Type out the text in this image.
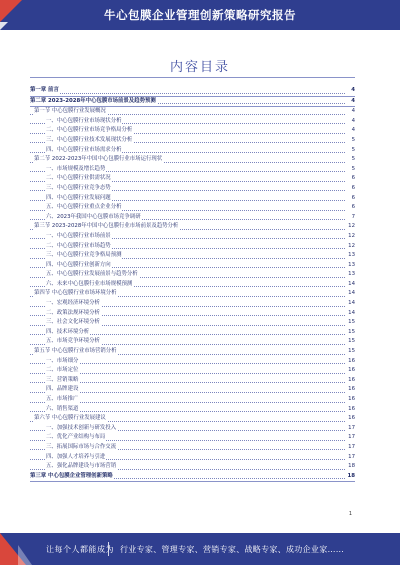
牛心包膜企业管理创新策略研究报告
内容目录
第一章 前言	4
第二章 2023-2028年中心包膜市场前景及趋势预测	4
第一节 中心包膜行业发展概况	4
一、中心包膜行业市场现状分析	4
二、中心包膜行业市场竞争格局分析	4
三、中心包膜行业技术发展现状分析	5
四、中心包膜行业市场需求分析	5
第二节 2022-2023年中国中心包膜行业市场运行现状	5
一、市场规模及增长趋势	5
二、中心包膜行业供需状况	6
三、中心包膜行业竞争态势	6
四、中心包膜行业发展问题	6
五、中心包膜行业重点企业分析	6
六、2023年我国中心包膜市场竞争调研	7
第三节 2023-2028年中国中心包膜行业市场前景及趋势分析	12
一、中心包膜行业市场前景	12
二、中心包膜行业市场趋势	12
三、中心包膜行业竞争格局预测	13
四、中心包膜行业创新方向	13
五、中心包膜行业发展前景与趋势分析	13
六、未来中心包膜行业市场规模预测	14
第四节 中心包膜行业市场环境分析	14
一、宏观经济环境分析	14
二、政策法规环境分析	14
三、社会文化环境分析	15
四、技术环境分析	15
五、市场竞争环境分析	15
第五节 中心包膜行业市场营销分析	15
一、市场细分	16
二、市场定位	16
三、营销策略	16
四、品牌建设	16
五、市场推广	16
六、销售渠道	16
第六节 中心包膜行业发展建议	16
一、加强技术创新与研发投入	17
二、优化产业结构与布局	17
三、拓展国际市场与合作交流	17
四、加强人才培养与引进	17
五、强化品牌建设与市场营销	18
第三章 中心包膜企业管理创新策略	18
1
让每个人都能成为 行业专家、管理专家、营销专家、战略专家、成功企业家……
